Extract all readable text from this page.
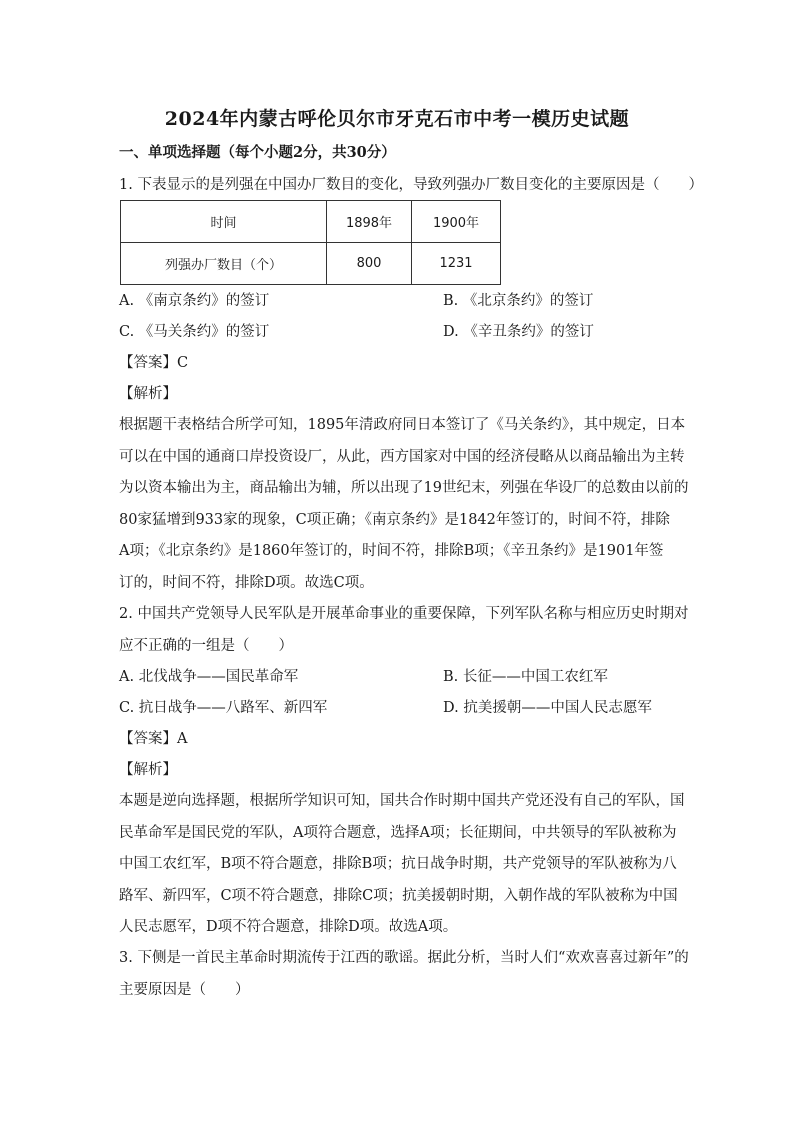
2024年内蒙古呼伦贝尔市牙克石市中考一模历史试题
一、单项选择题（每个小题2分，共30分）
1. 下表显示的是列强在中国办厂数目的变化，导致列强办厂数目变化的主要原因是（　　）
时间	1898年	1900年
列强办厂数目（个）	800	1231
A. 《南京条约》的签订	B. 《北京条约》的签订
C. 《马关条约》的签订	D. 《辛丑条约》的签订
【答案】C
【解析】
根据题干表格结合所学可知，1895年清政府同日本签订了《马关条约》，其中规定，日本
可以在中国的通商口岸投资设厂，从此，西方国家对中国的经济侵略从以商品输出为主转
为以资本输出为主，商品输出为辅，所以出现了19世纪末，列强在华设厂的总数由以前的
80家猛增到933家的现象，C项正确；《南京条约》是1842年签订的，时间不符，排除
A项；《北京条约》是1860年签订的，时间不符，排除B项；《辛丑条约》是1901年签
订的，时间不符，排除D项。故选C项。
2. 中国共产党领导人民军队是开展革命事业的重要保障，下列军队名称与相应历史时期对
应不正确的一组是（　　）
A. 北伐战争——国民革命军	B. 长征——中国工农红军
C. 抗日战争——八路军、新四军	D. 抗美援朝——中国人民志愿军
【答案】A
【解析】
本题是逆向选择题，根据所学知识可知，国共合作时期中国共产党还没有自己的军队，国
民革命军是国民党的军队，A项符合题意，选择A项；长征期间，中共领导的军队被称为
中国工农红军，B项不符合题意，排除B项；抗日战争时期，共产党领导的军队被称为八
路军、新四军，C项不符合题意，排除C项；抗美援朝时期，入朝作战的军队被称为中国
人民志愿军，D项不符合题意，排除D项。故选A项。
3. 下侧是一首民主革命时期流传于江西的歌谣。据此分析，当时人们“欢欢喜喜过新年”的
主要原因是（　　）
